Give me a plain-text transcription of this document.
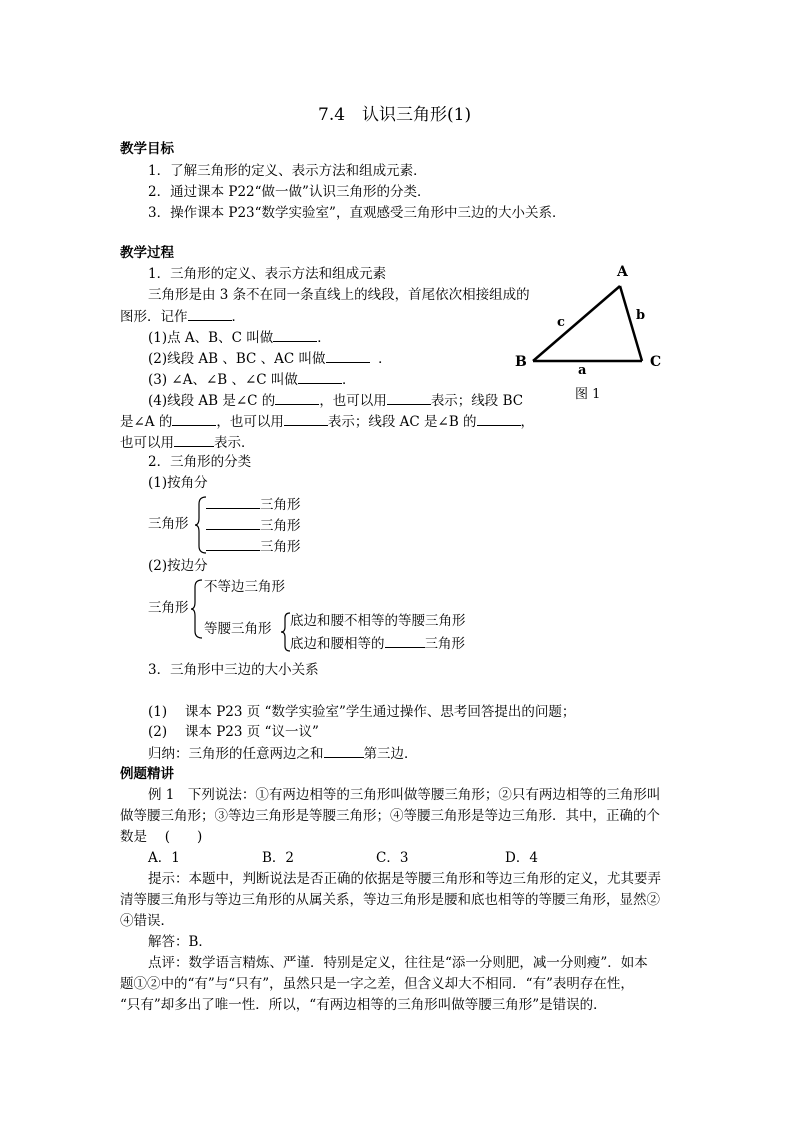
7.4　认识三角形(1)
教学目标
1．了解三角形的定义、表示方法和组成元素．
2．通过课本 P22“做一做”认识三角形的分类．
3．操作课本 P23“数学实验室”，直观感受三角形中三边的大小关系．
教学过程
1．三角形的定义、表示方法和组成元素
三角形是由 3 条不在同一条直线上的线段，首尾依次相接组成的
图形．记作	．
(1)点 A、B、C 叫做	．
(2)线段 AB 、BC 、AC 叫做	．
(3) ∠A、∠B 、∠C 叫做	．
(4)线段 AB 是∠C 的	，也可以用	表示；线段 BC
是∠A 的	，也可以用	表示；线段 AC 是∠B 的	，
也可以用	表示．
A
B	C
c	b
a
图 1
2．三角形的分类
(1)按角分
三角形
三角形
三角形
三角形
(2)按边分
三角形
不等边三角形
等腰三角形 底边和腰不相等的等腰三角形
底边和腰相等的	三角形
3．三角形中三边的大小关系
(1)　 课本 P23 页 “数学实验室”学生通过操作、思考回答提出的问题；
(2)　 课本 P23 页 “议一议”
归纳：三角形的任意两边之和	第三边．
例题精讲
例 1　下列说法：①有两边相等的三角形叫做等腰三角形；②只有两边相等的三角形叫
做等腰三角形；③等边三角形是等腰三角形；④等腰三角形是等边三角形．其中，正确的个
数是　 (　　)
A．1	B．2	C．3	D．4
提示：本题中，判断说法是否正确的依据是等腰三角形和等边三角形的定义，尤其要弄
清等腰三角形与等边三角形的从属关系，等边三角形是腰和底也相等的等腰三角形，显然②
④错误．
解答：B．
点评：数学语言精炼、严谨．特别是定义，往往是“添一分则肥，减一分则瘦”．如本
题①②中的“有”与“只有”，虽然只是一字之差，但含义却大不相同．“有”表明存在性，
“只有”却多出了唯一性．所以，“有两边相等的三角形叫做等腰三角形”是错误的．
